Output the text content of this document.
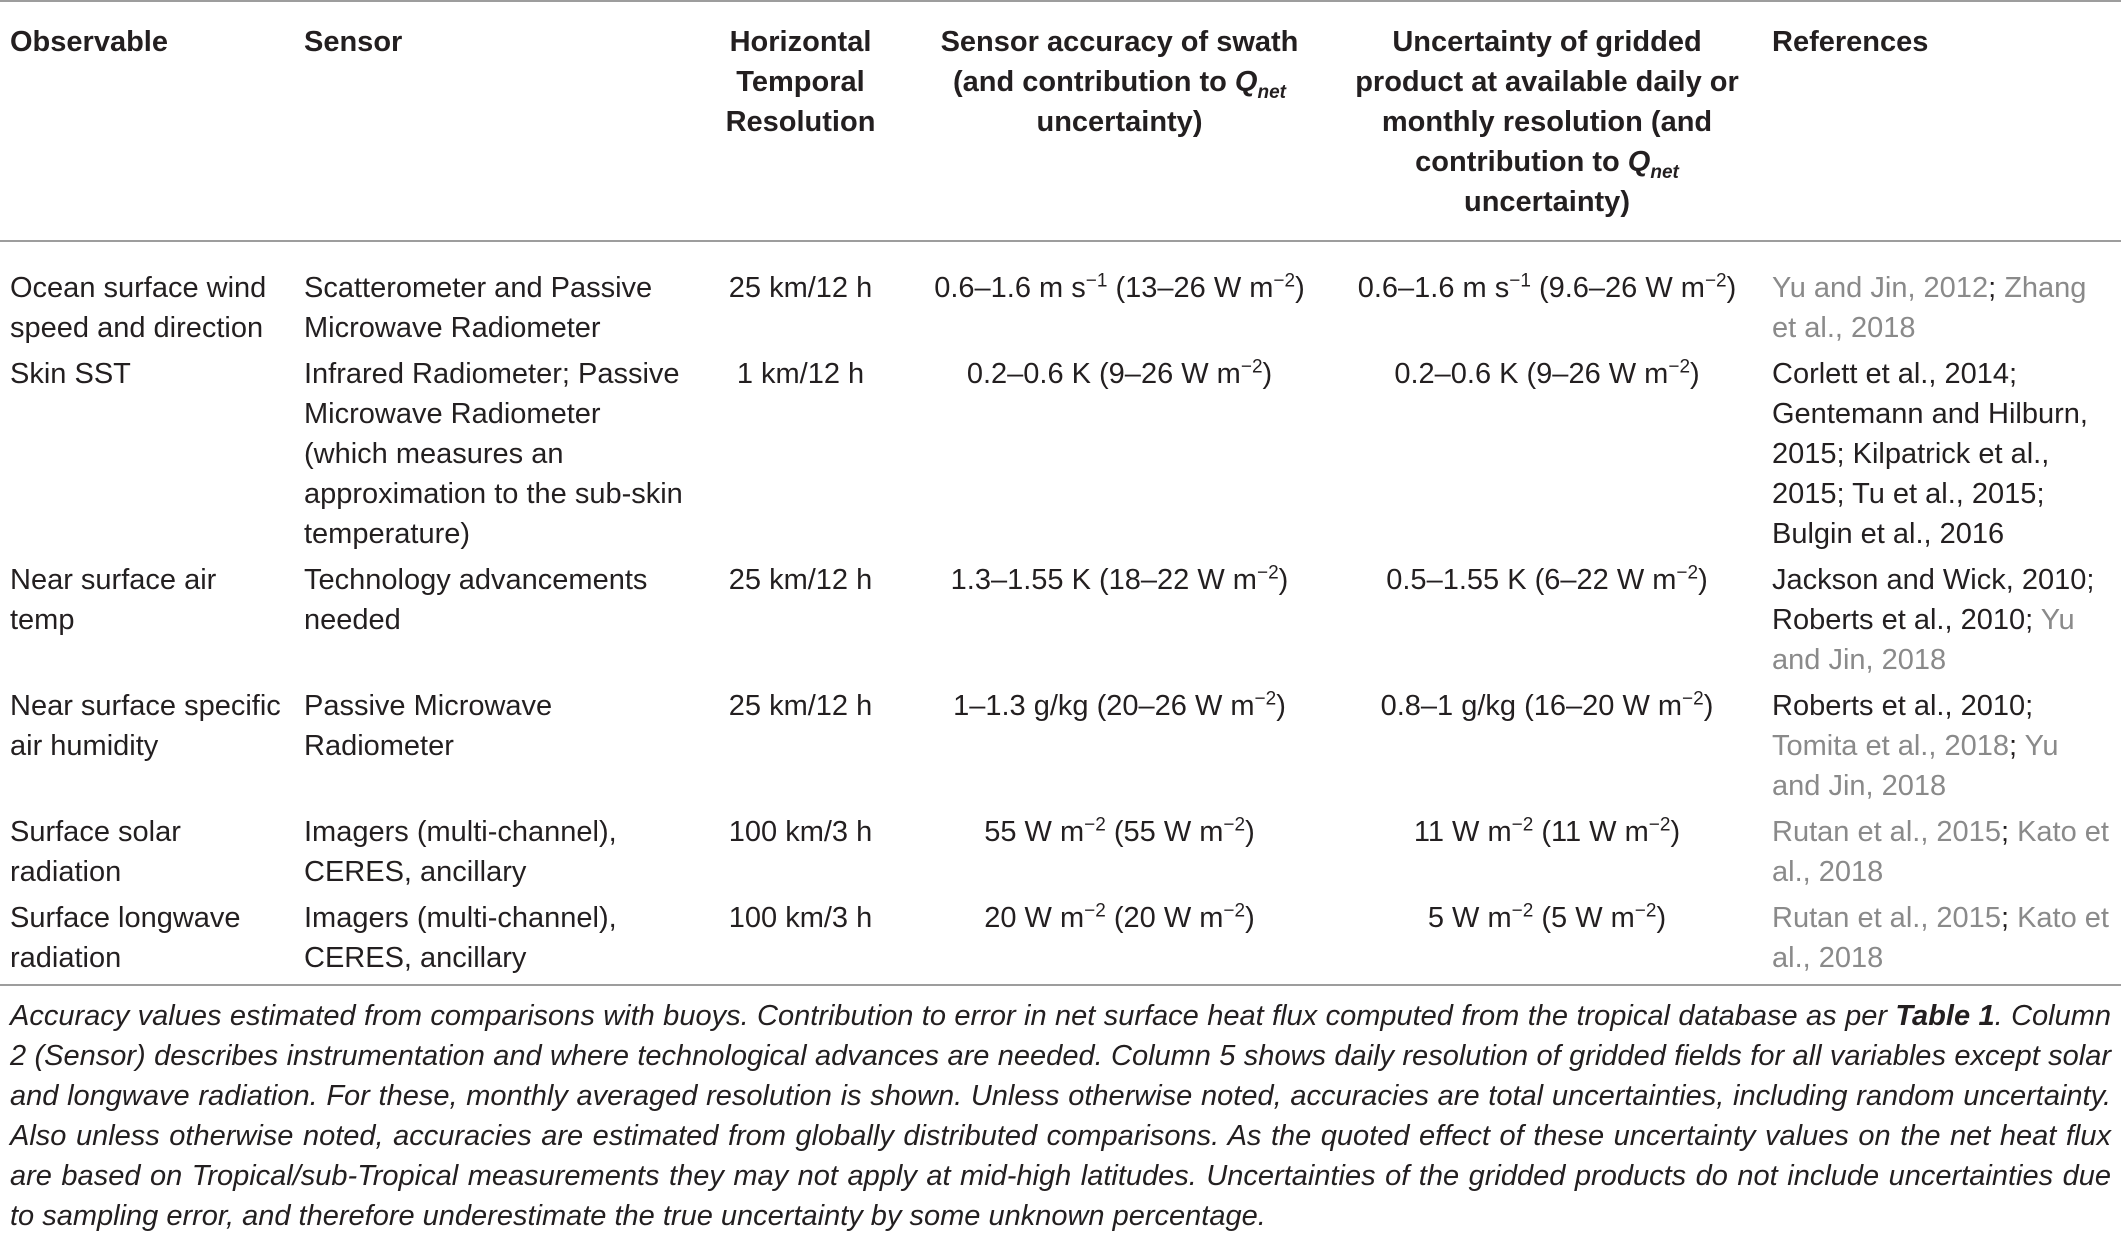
Observable	Sensor	Horizontal Temporal Resolution	Sensor accuracy of swath (and contribution to $Q_{net}$ uncertainty)	Uncertainty of gridded product at available daily or monthly resolution (and contribution to $Q_{net}$ uncertainty)	References
Ocean surface wind speed and direction	Scatterometer and Passive Microwave Radiometer	25 km/12 h	0.6–1.6 m $s^{-1}$ (13–26 W $m^{-2}$)	0.6–1.6 m $s^{-1}$ (9.6–26 W $m^{-2}$)	Yu and Jin, 2012; Zhang et al., 2018
Skin SST	Infrared Radiometer; Passive Microwave Radiometer (which measures an approximation to the sub-skin temperature)	1 km/12 h	0.2–0.6 K (9–26 W $m^{-2}$)	0.2–0.6 K (9–26 W $m^{-2}$)	Corlett et al., 2014; Gentemann and Hilburn, 2015; Kilpatrick et al., 2015; Tu et al., 2015; Bulgin et al., 2016
Near surface air temp	Technology advancements needed	25 km/12 h	1.3–1.55 K (18–22 W $m^{-2}$)	0.5–1.55 K (6–22 W $m^{-2}$)	Jackson and Wick, 2010; Roberts et al., 2010; Yu and Jin, 2018
Near surface specific air humidity	Passive Microwave Radiometer	25 km/12 h	1–1.3 g/kg (20–26 W $m^{-2}$)	0.8–1 g/kg (16–20 W $m^{-2}$)	Roberts et al., 2010; Tomita et al., 2018; Yu and Jin, 2018
Surface solar radiation	Imagers (multi-channel), CERES, ancillary	100 km/3 h	55 W $m^{-2}$ (55 W $m^{-2}$)	11 W $m^{-2}$ (11 W $m^{-2}$)	Rutan et al., 2015; Kato et al., 2018
Surface longwave radiation	Imagers (multi-channel), CERES, ancillary	100 km/3 h	20 W $m^{-2}$ (20 W $m^{-2}$)	5 W $m^{-2}$ (5 W $m^{-2}$)	Rutan et al., 2015; Kato et al., 2018
Accuracy values estimated from comparisons with buoys. Contribution to error in net surface heat flux computed from the tropical database as per Table 1. Column 2 (Sensor) describes instrumentation and where technological advances are needed. Column 5 shows daily resolution of gridded fields for all variables except solar and longwave radiation. For these, monthly averaged resolution is shown. Unless otherwise noted, accuracies are total uncertainties, including random uncertainty. Also unless otherwise noted, accuracies are estimated from globally distributed comparisons. As the quoted effect of these uncertainty values on the net heat flux are based on Tropical/sub-Tropical measurements they may not apply at mid-high latitudes. Uncertainties of the gridded products do not include uncertainties due to sampling error, and therefore underestimate the true uncertainty by some unknown percentage.
